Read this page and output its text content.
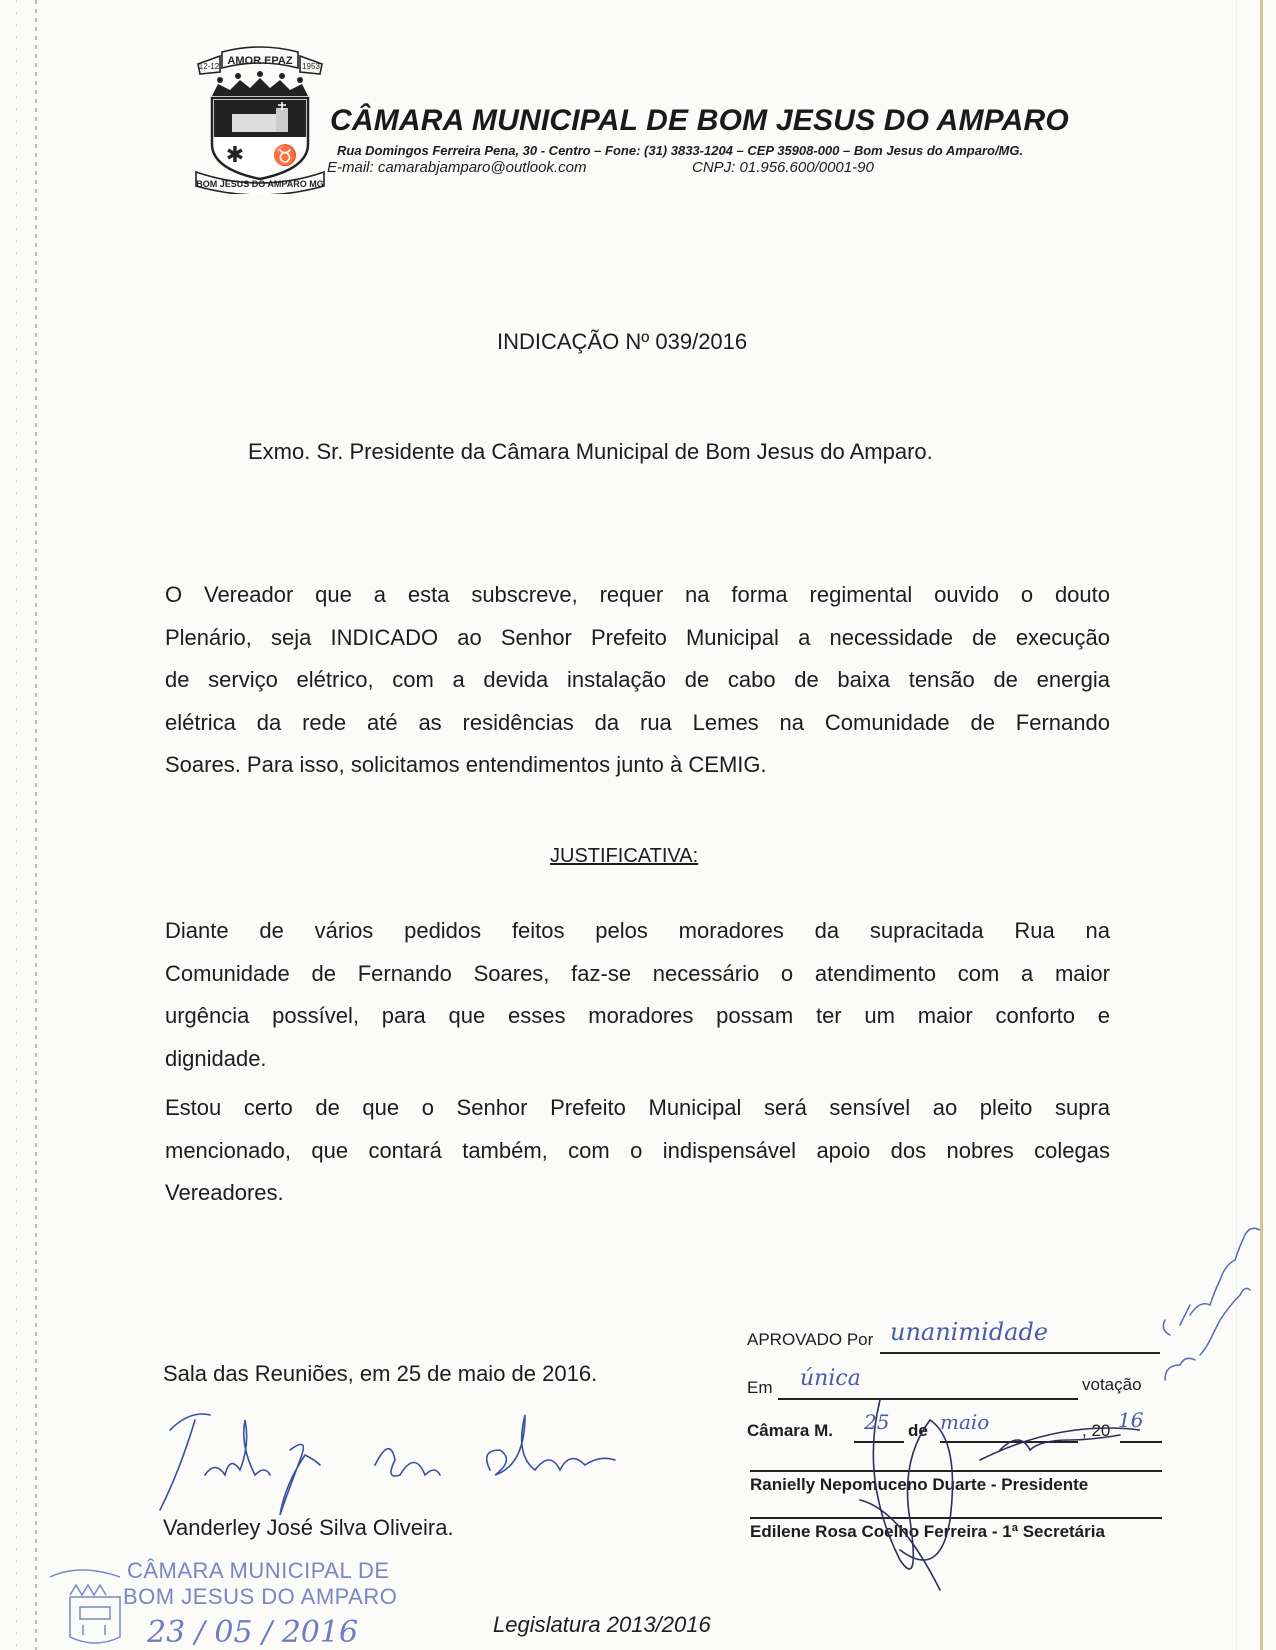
AMOR EPAZ
12-12	1953
✱ ♉
BOM JESUS DO AMPARO MG
CÂMARA MUNICIPAL DE BOM JESUS DO AMPARO
Rua Domingos Ferreira Pena, 30 - Centro – Fone: (31) 3833-1204 – CEP 35908-000 – Bom Jesus do Amparo/MG.
E-mail: camarabjamparo@outlook.com	CNPJ: 01.956.600/0001-90
INDICAÇÃO Nº 039/2016
Exmo. Sr. Presidente da Câmara Municipal de Bom Jesus do Amparo.
O Vereador que a esta subscreve, requer na forma regimental ouvido o douto
Plenário, seja INDICADO ao Senhor Prefeito Municipal a necessidade de execução
de serviço elétrico, com a devida instalação de cabo de baixa tensão de energia
elétrica da rede até as residências da rua Lemes na Comunidade de Fernando
Soares. Para isso, solicitamos entendimentos junto à CEMIG.
JUSTIFICATIVA:
Diante de vários pedidos feitos pelos moradores da supracitada Rua na
Comunidade de Fernando Soares, faz-se necessário o atendimento com a maior
urgência possível, para que esses moradores possam ter um maior conforto e
dignidade.
Estou certo de que o Senhor Prefeito Municipal será sensível ao pleito supra
mencionado, que contará também, com o indispensável apoio dos nobres colegas
Vereadores.
Sala das Reuniões, em 25 de maio de 2016.
Vanderley José Silva Oliveira.
APROVADO Por unanimidade
Em única	votação
Câmara M. 25 de maio	, 20 16
Ranielly Nepomuceno Duarte - Presidente
Edilene Rosa Coelho Ferreira - 1ª Secretária
CÂMARA MUNICIPAL DE
BOM JESUS DO AMPARO
23 / 05 / 2016	Legislatura 2013/2016
